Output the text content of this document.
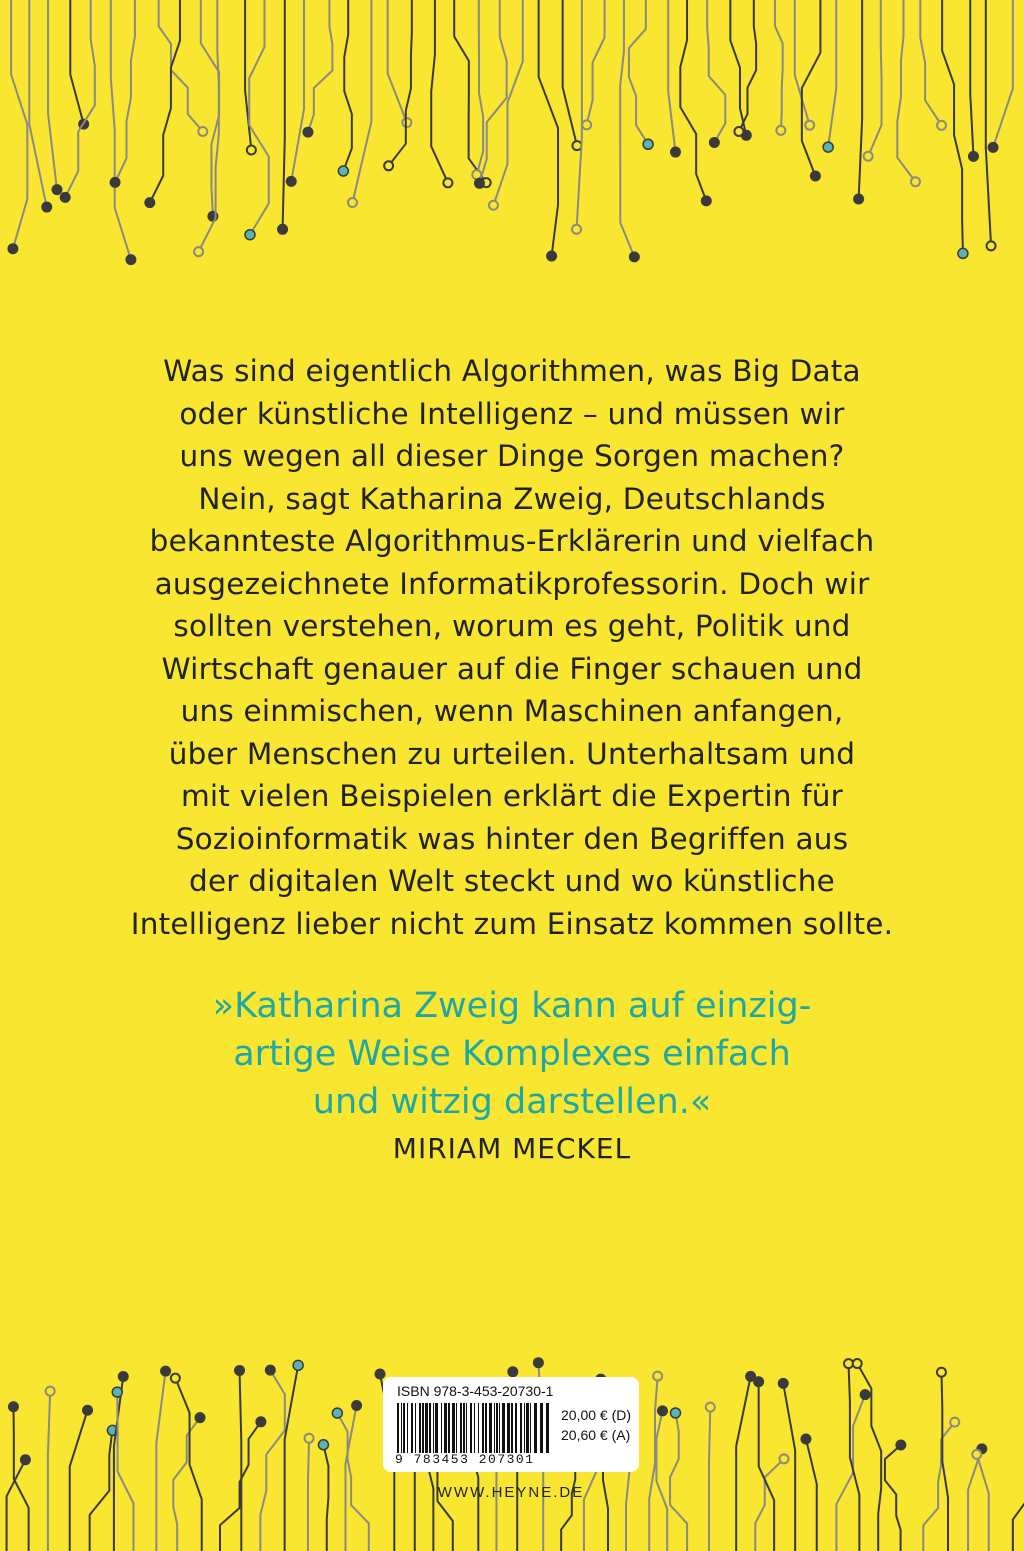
Was sind eigentlich Algorithmen, was Big Data
oder künstliche Intelligenz – und müssen wir
uns wegen all dieser Dinge Sorgen machen?
Nein, sagt Katharina Zweig, Deutschlands
bekannteste Algorithmus-Erklärerin und vielfach
ausgezeichnete Informatikprofessorin. Doch wir
sollten verstehen, worum es geht, Politik und
Wirtschaft genauer auf die Finger schauen und
uns einmischen, wenn Maschinen anfangen,
über Menschen zu urteilen. Unterhaltsam und
mit vielen Beispielen erklärt die Expertin für
Sozioinformatik was hinter den Begriffen aus
der digitalen Welt steckt und wo künstliche
Intelligenz lieber nicht zum Einsatz kommen sollte.
»Katharina Zweig kann auf einzig-
artige Weise Komplexes einfach
und witzig darstellen.«
MIRIAM MECKEL
ISBN 978-3-453-20730-1
9 783453 207301
20,00 € (D)
20,60 € (A)
WWW.HEYNE.DE
